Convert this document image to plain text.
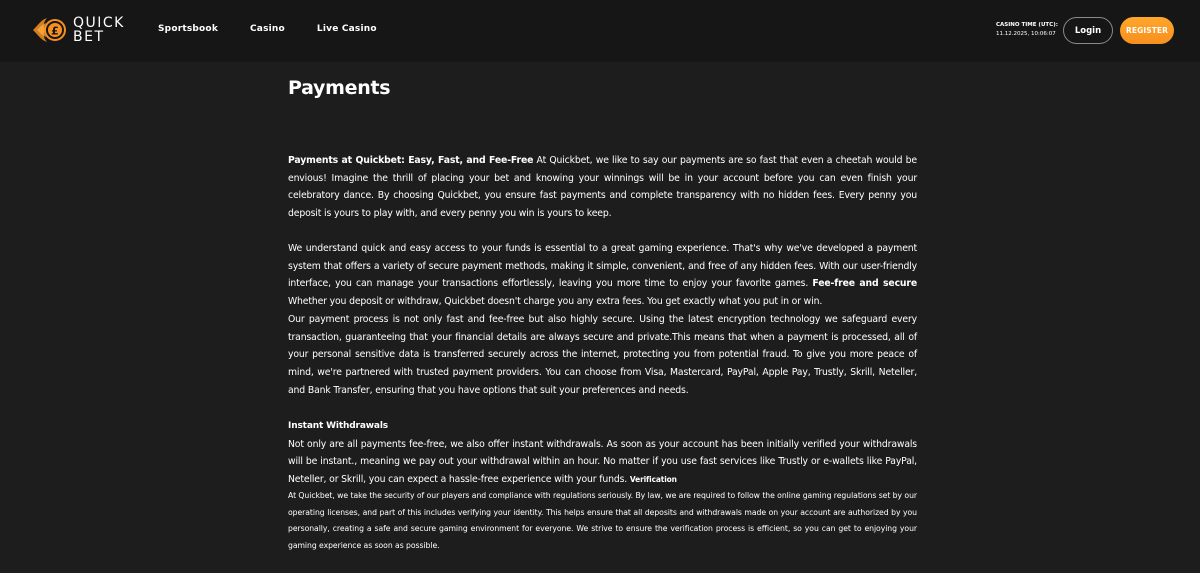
£ QUICK
BET	Sportsbook	Casino	Live Casino	CASINO TIME (UTC):
11.12.2025, 10:06:07	Login	REGISTER
Payments

Payments at Quickbet: Easy, Fast, and Fee-Free At Quickbet, we like to say our payments are so fast that even a cheetah would be envious! Imagine the thrill of placing your bet and knowing your winnings will be in your account before you can even finish your celebratory dance. By choosing Quickbet, you ensure fast payments and complete transparency with no hidden fees. Every penny you deposit is yours to play with, and every penny you win is yours to keep.

We understand quick and easy access to your funds is essential to a great gaming experience. That's why we've developed a payment system that offers a variety of secure payment methods, making it simple, convenient, and free of any hidden fees. With our user-friendly interface, you can manage your transactions effortlessly, leaving you more time to enjoy your favorite games. Fee-free and secure Whether you deposit or withdraw, Quickbet doesn't charge you any extra fees. You get exactly what you put in or win.

Our payment process is not only fast and fee-free but also highly secure. Using the latest encryption technology we safeguard every transaction, guaranteeing that your financial details are always secure and private.This means that when a payment is processed, all of your personal sensitive data is transferred securely across the internet, protecting you from potential fraud. To give you more peace of mind, we're partnered with trusted payment providers. You can choose from Visa, Mastercard, PayPal, Apple Pay, Trustly, Skrill, Neteller, and Bank Transfer, ensuring that you have options that suit your preferences and needs.

Instant Withdrawals
Not only are all payments fee-free, we also offer instant withdrawals. As soon as your account has been initially verified your withdrawals will be instant., meaning we pay out your withdrawal within an hour. No matter if you use fast services like Trustly or e-wallets like PayPal, Neteller, or Skrill, you can expect a hassle-free experience with your funds. Verification

At Quickbet, we take the security of our players and compliance with regulations seriously. By law, we are required to follow the online gaming regulations set by our operating licenses, and part of this includes verifying your identity. This helps ensure that all deposits and withdrawals made on your account are authorized by you personally, creating a safe and secure gaming environment for everyone. We strive to ensure the verification process is efficient, so you can get to enjoying your gaming experience as soon as possible.
